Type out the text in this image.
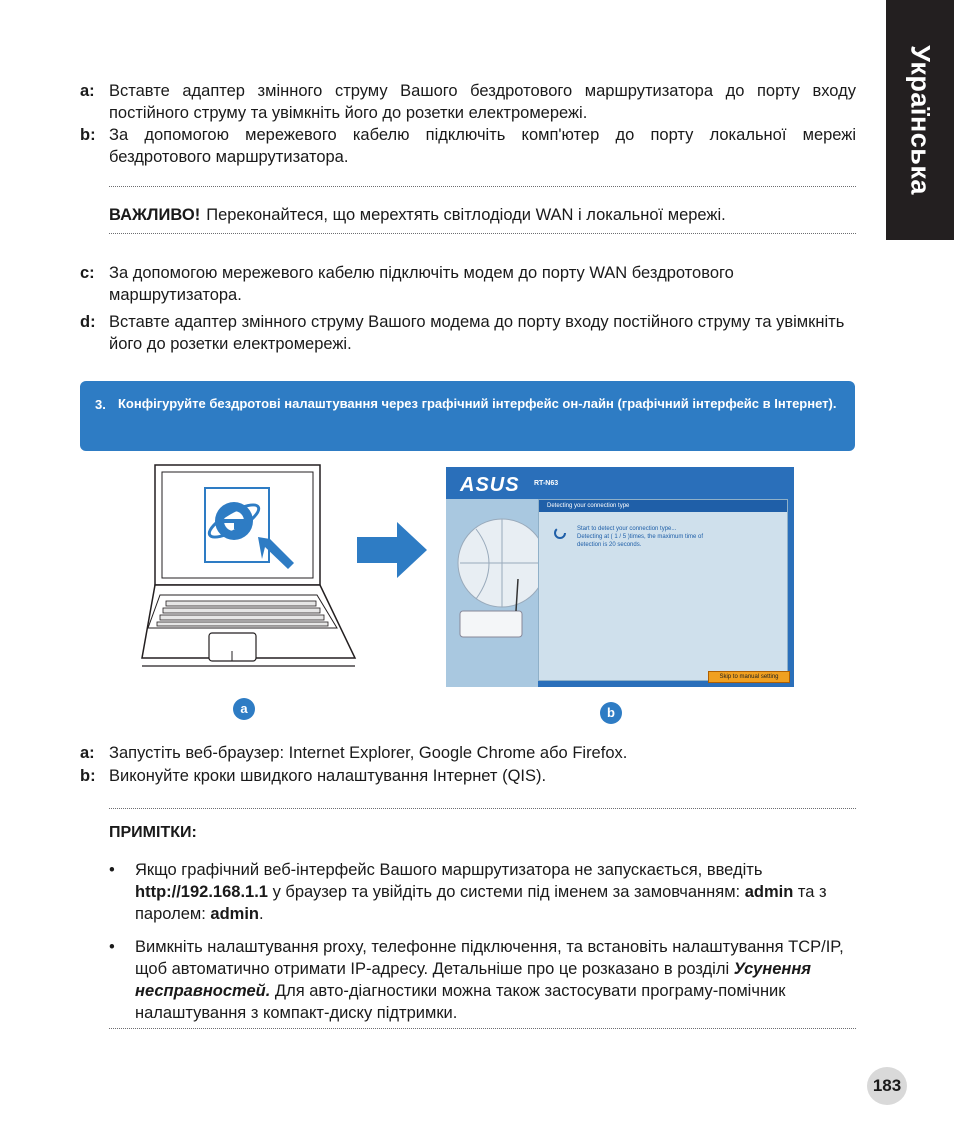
Українська
a: Вставте адаптер змінного струму Вашого бездротового маршрутизатора до порту входу постійного струму та увімкніть його до розетки електромережі.
b: За допомогою мережевого кабелю підключіть комп'ютер до порту локальної мережі бездротового маршрутизатора.
ВАЖЛИВО! Переконайтеся, що мерехтять світлодіоди WAN і локальної мережі.
c: За допомогою мережевого кабелю підключіть модем до порту WAN бездротового маршрутизатора.
d: Вставте адаптер змінного струму Вашого модема до порту входу постійного струму та увімкніть його до розетки електромережі.
3. Конфігуруйте бездротові налаштування через графічний інтерфейс он-лайн (графічний інтерфейс в Інтернет).
ASUS RT-N63
Detecting your connection type
Start to detect your connection type...
Detecting at ( 1 / 5 )times, the maximum time of
detection is 20 seconds.
Skip to manual setting
a	b
a: Запустіть веб-браузер: Internet Explorer, Google Chrome або Firefox.
b: Виконуйте кроки швидкого налаштування Інтернет (QIS).
ПРИМІТКИ:
• Якщо графічний веб-інтерфейс Вашого маршрутизатора не запускається, введіть http://192.168.1.1 у браузер та увійдіть до системи під іменем за замовчанням: admin та з паролем: admin.
• Вимкніть налаштування proxy, телефонне підключення, та встановіть налаштування TCP/IP, щоб автоматично отримати IP-адресу. Детальніше про це розказано в розділі Усунення несправностей. Для авто-діагностики можна також застосувати програму-помічник налаштування з компакт-диску підтримки.
183
